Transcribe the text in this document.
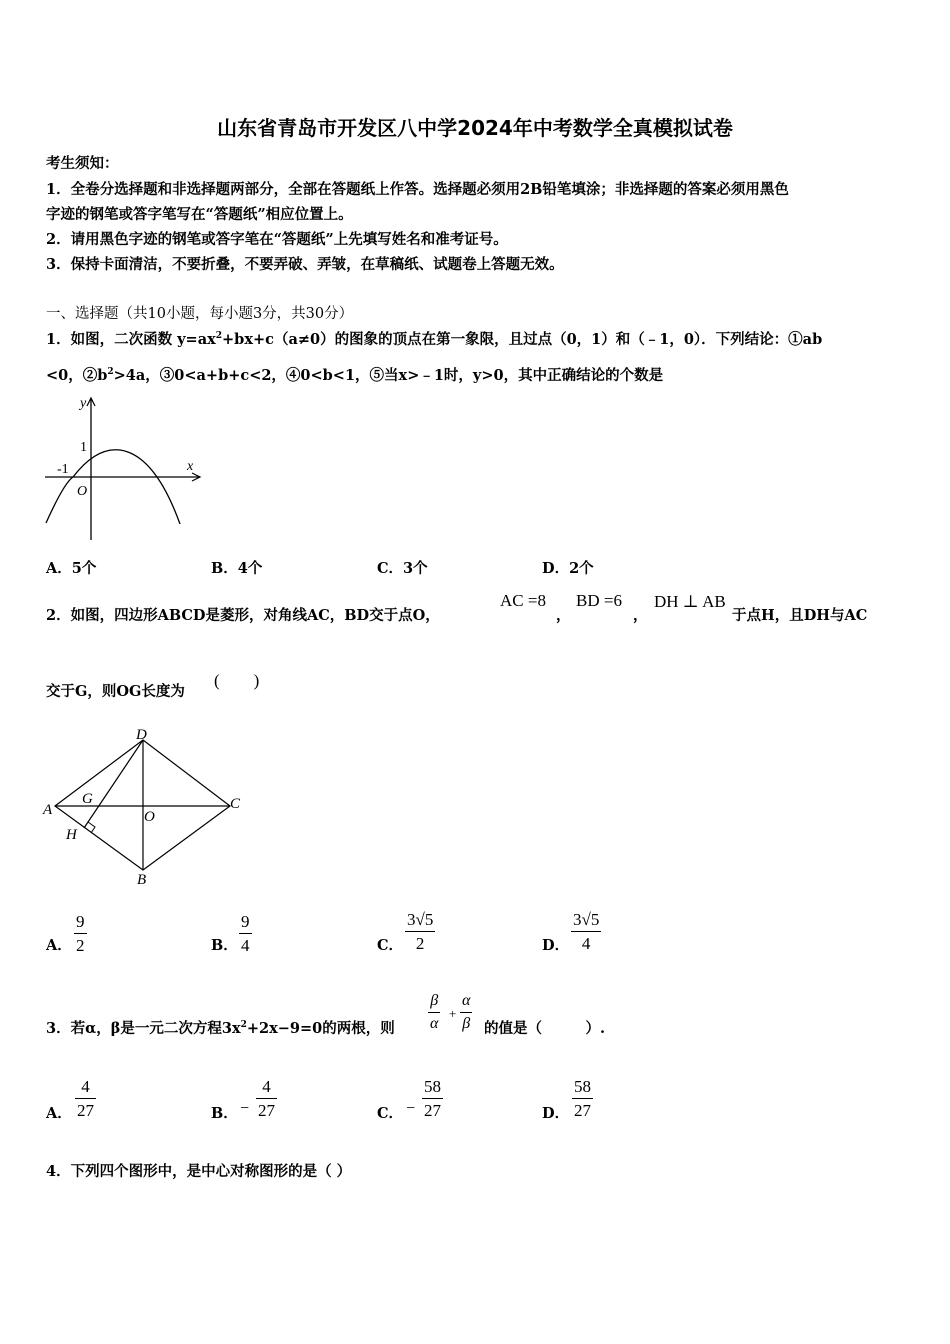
山东省青岛市开发区八中学2024年中考数学全真模拟试卷
考生须知：
1．全卷分选择题和非选择题两部分，全部在答题纸上作答。选择题必须用2B铅笔填涂；非选择题的答案必须用黑色
字迹的钢笔或答字笔写在“答题纸”相应位置上。
2．请用黑色字迹的钢笔或答字笔在“答题纸”上先填写姓名和准考证号。
3．保持卡面清洁，不要折叠，不要弄破、弄皱，在草稿纸、试题卷上答题无效。
一、选择题（共10小题，每小题3分，共30分）
1．如图，二次函数 $y=ax^2+bx+c(a\ne 0)$的图象的顶点在第一象限，且过点（0，1）和（﹣1，0）．下列结论：①ab
<0，$②b^2>4a$，③0<a+b+c<2，④0<b<1，⑤当x>﹣1时，y>0，其中正确结论的个数是
y
x
1
-1
O
A．5个	B．4个	C．3个	D．2个
2．如图，四边形ABCD是菱形，对角线AC，BD交于点O，
AC =8
，
BD =6
，
DH ⊥ AB
于点H，且DH与AC
交于G，则OG长度为
(　　)
D
A	C
B
G
H
O
A．
9
2	B．
9
4	C．
3√5
2	D．
3√5
4
3．若α，β是一元二次方程$3x^2+2x-9=0$的两根，则
β
α
+
α
β 的值是（　　　）.
A．
4
27	B． −
4
27	C． −
58
27	D．
58
27
4．下列四个图形中，是中心对称图形的是（ ）
